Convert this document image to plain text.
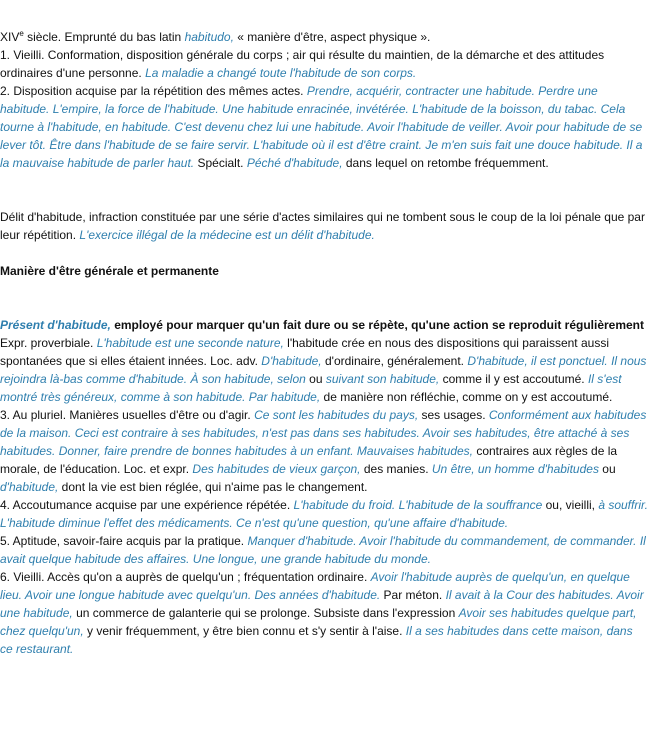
XIVe siècle. Emprunté du bas latin habitudo, « manière d'être, aspect physique ».

1. Vieilli. Conformation, disposition générale du corps ; air qui résulte du maintien, de la démarche et des attitudes ordinaires d'une personne. La maladie a changé toute l'habitude de son corps.

2. Disposition acquise par la répétition des mêmes actes. Prendre, acquérir, contracter une habitude. Perdre une habitude. L'empire, la force de l'habitude. Une habitude enracinée, invétérée. L'habitude de la boisson, du tabac. Cela tourne à l'habitude, en habitude. C'est devenu chez lui une habitude. Avoir l'habitude de veiller. Avoir pour habitude de se lever tôt. Être dans l'habitude de se faire servir. L'habitude où il est d'être craint. Je m'en suis fait une douce habitude. Il a la mauvaise habitude de parler haut. Spécialt. Péché d'habitude, dans lequel on retombe fréquemment.

Délit d'habitude, infraction constituée par une série d'actes similaires qui ne tombent sous le coup de la loi pénale que par leur répétition. L'exercice illégal de la médecine est un délit d'habitude.

Manière d'être générale et permanente

Présent d'habitude, employé pour marquer qu'un fait dure ou se répète, qu'une action se reproduit régulièrement

Expr. proverbiale. L'habitude est une seconde nature, l'habitude crée en nous des dispositions qui paraissent aussi spontanées que si elles étaient innées. Loc. adv. D'habitude, d'ordinaire, généralement. D'habitude, il est ponctuel. Il nous rejoindra là-bas comme d'habitude. À son habitude, selon ou suivant son habitude, comme il y est accoutumé. Il s'est montré très généreux, comme à son habitude. Par habitude, de manière non réfléchie, comme on y est accoutumé.

3. Au pluriel. Manières usuelles d'être ou d'agir. Ce sont les habitudes du pays, ses usages. Conformément aux habitudes de la maison. Ceci est contraire à ses habitudes, n'est pas dans ses habitudes. Avoir ses habitudes, être attaché à ses habitudes. Donner, faire prendre de bonnes habitudes à un enfant. Mauvaises habitudes, contraires aux règles de la morale, de l'éducation. Loc. et expr. Des habitudes de vieux garçon, des manies. Un être, un homme d'habitudes ou d'habitude, dont la vie est bien réglée, qui n'aime pas le changement.

4. Accoutumance acquise par une expérience répétée. L'habitude du froid. L'habitude de la souffrance ou, vieilli, à souffrir. L'habitude diminue l'effet des médicaments. Ce n'est qu'une question, qu'une affaire d'habitude.

5. Aptitude, savoir-faire acquis par la pratique. Manquer d'habitude. Avoir l'habitude du commandement, de commander. Il avait quelque habitude des affaires. Une longue, une grande habitude du monde.

6. Vieilli. Accès qu'on a auprès de quelqu'un ; fréquentation ordinaire. Avoir l'habitude auprès de quelqu'un, en quelque lieu. Avoir une longue habitude avec quelqu'un. Des années d'habitude. Par méton. Il avait à la Cour des habitudes. Avoir une habitude, un commerce de galanterie qui se prolonge. Subsiste dans l'expression Avoir ses habitudes quelque part, chez quelqu'un, y venir fréquemment, y être bien connu et s'y sentir à l'aise. Il a ses habitudes dans cette maison, dans ce restaurant.
